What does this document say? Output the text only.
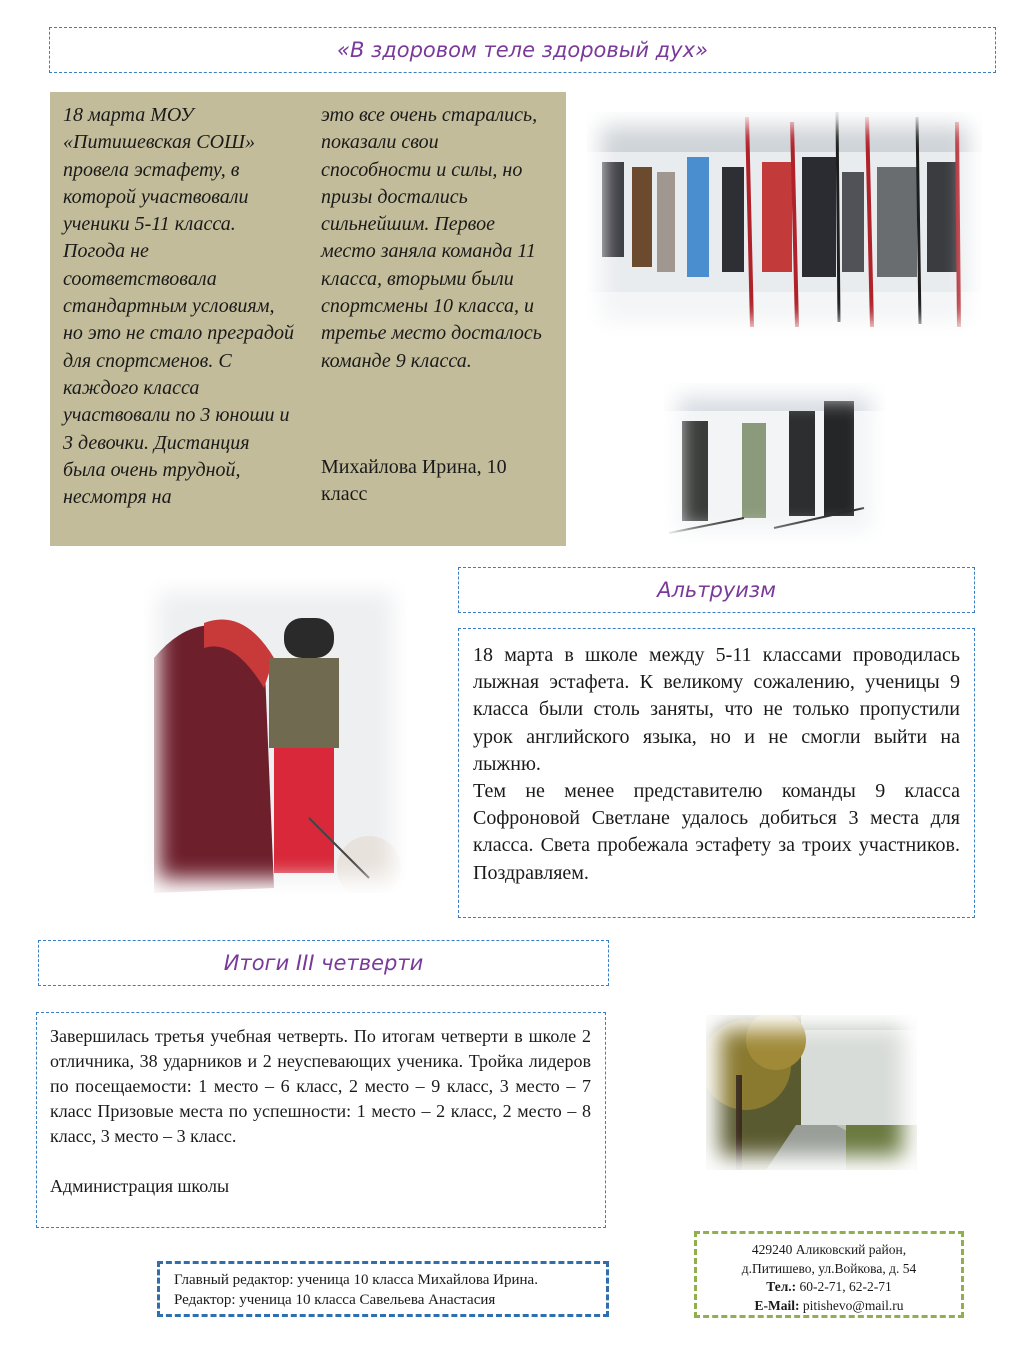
«В здоровом теле здоровый дух»
18 марта МОУ «Питишевская СОШ» провела эстафету, в которой участвовали ученики 5-11 класса. Погода не соответствовала стандартным условиям, но это не стало преградой для спортсменов. С каждого класса участвовали по 3 юноши и 3 девочки. Дистанция была очень трудной, несмотря на
это все очень старались, показали свои способности и силы, но призы достались сильнейшим. Первое место заняла команда 11 класса, вторыми были спортсмены 10 класса, и третье место досталось команде 9 класса.
Михайлова Ирина, 10 класс
Альтруизм

18 марта в школе между 5-11 классами проводилась лыжная эстафета. К великому сожалению, ученицы 9 класса были столь заняты, что не только пропустили урок английского языка, но и не смогли выйти на лыжню.

Тем не менее представителю команды 9 класса Софроновой Светлане удалось добиться 3 места для класса. Света пробежала эстафету за троих участников. Поздравляем.

Итоги III четверти

Завершилась третья учебная четверть. По итогам четверти в школе 2 отличника, 38 ударников и 2 неуспевающих ученика. Тройка лидеров по посещаемости: 1 место – 6 класс, 2 место – 9 класс, 3 место – 7 класс Призовые места по успешности: 1 место – 2 класс, 2 место – 8 класс, 3 место – 3 класс.

Администрация школы

Главный редактор: ученица 10 класса Михайлова Ирина.
Редактор: ученица 10 класса Савельева Анастасия
429240 Аликовский район,
д.Питишево, ул.Войкова, д. 54
Тел.: 60-2-71, 62-2-71
E-Mail: pitishevo@mail.ru
